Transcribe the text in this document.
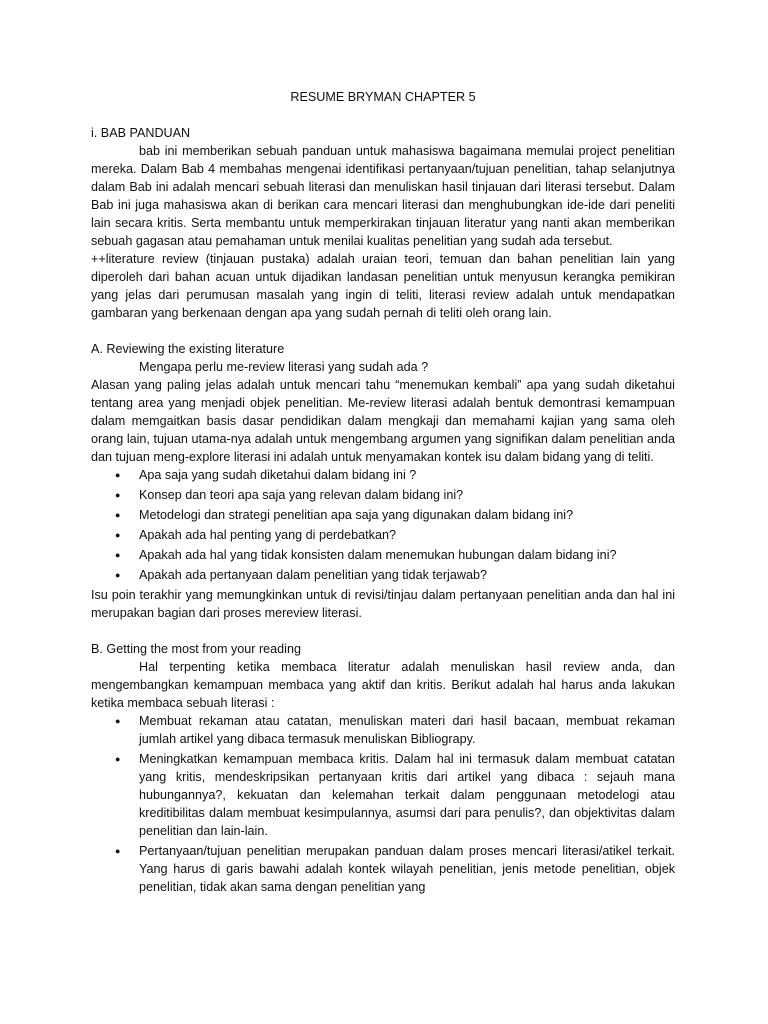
RESUME BRYMAN CHAPTER 5
i. BAB PANDUAN

bab ini memberikan sebuah panduan untuk mahasiswa bagaimana memulai project penelitian mereka. Dalam Bab 4 membahas mengenai identifikasi pertanyaan/tujuan penelitian, tahap selanjutnya dalam Bab ini adalah mencari sebuah literasi dan menuliskan hasil tinjauan dari literasi tersebut. Dalam Bab ini juga mahasiswa akan di berikan cara mencari literasi dan menghubungkan ide-ide dari peneliti lain secara kritis. Serta membantu untuk memperkirakan tinjauan literatur yang nanti akan memberikan sebuah gagasan atau pemahaman untuk menilai kualitas penelitian yang sudah ada tersebut.

++literature review (tinjauan pustaka) adalah uraian teori, temuan dan bahan penelitian lain yang diperoleh dari bahan acuan untuk dijadikan landasan penelitian untuk menyusun kerangka pemikiran yang jelas dari perumusan masalah yang ingin di teliti, literasi review adalah untuk mendapatkan gambaran yang berkenaan dengan apa yang sudah pernah di teliti oleh orang lain.

A. Reviewing the existing literature

Mengapa perlu me-review literasi yang sudah ada ?

Alasan yang paling jelas adalah untuk mencari tahu “menemukan kembali” apa yang sudah diketahui tentang area yang menjadi objek penelitian. Me-review literasi adalah bentuk demontrasi kemampuan dalam memgaitkan basis dasar pendidikan dalam mengkaji dan memahami kajian yang sama oleh orang lain, tujuan utama-nya adalah untuk mengembang argumen yang signifikan dalam penelitian anda dan tujuan meng-explore literasi ini adalah untuk menyamakan kontek isu dalam bidang yang di teliti.

● Apa saja yang sudah diketahui dalam bidang ini ?
● Konsep dan teori apa saja yang relevan dalam bidang ini?
● Metodelogi dan strategi penelitian apa saja yang digunakan dalam bidang ini?
● Apakah ada hal penting yang di perdebatkan?
● Apakah ada hal yang tidak konsisten dalam menemukan hubungan dalam bidang ini?
● Apakah ada pertanyaan dalam penelitian yang tidak terjawab?

Isu poin terakhir yang memungkinkan untuk di revisi/tinjau dalam pertanyaan penelitian anda dan hal ini merupakan bagian dari proses mereview literasi.

B. Getting the most from your reading

Hal terpenting ketika membaca literatur adalah menuliskan hasil review anda, dan mengembangkan kemampuan membaca yang aktif dan kritis. Berikut adalah hal harus anda lakukan ketika membaca sebuah literasi :

● Membuat rekaman atau catatan, menuliskan materi dari hasil bacaan, membuat rekaman jumlah artikel yang dibaca termasuk menuliskan Bibliograpy.
● Meningkatkan kemampuan membaca kritis. Dalam hal ini termasuk dalam membuat catatan yang kritis, mendeskripsikan pertanyaan kritis dari artikel yang dibaca : sejauh mana hubungannya?, kekuatan dan kelemahan terkait dalam penggunaan metodelogi atau kreditibilitas dalam membuat kesimpulannya, asumsi dari para penulis?, dan objektivitas dalam penelitian dan lain-lain.
● Pertanyaan/tujuan penelitian merupakan panduan dalam proses mencari literasi/atikel terkait. Yang harus di garis bawahi adalah kontek wilayah penelitian, jenis metode penelitian, objek penelitian, tidak akan sama dengan penelitian yang
